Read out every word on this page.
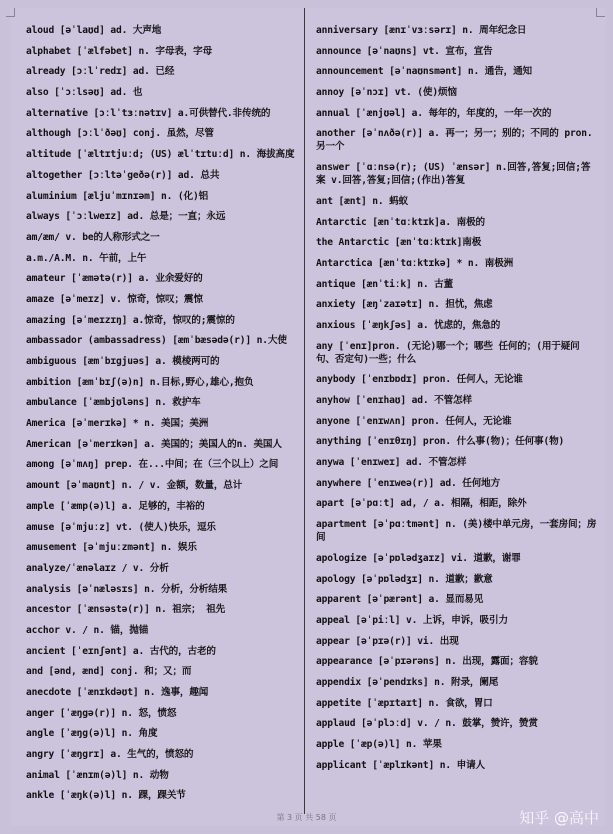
aloud [əˈlaʊd] ad. 大声地
alphabet [ˈælfəbet] n. 字母表，字母
already [ɔːlˈredɪ] ad. 已经
also [ˈɔːlsəʊ] ad. 也
alternative [ɔːlˈtɜːnətɪv] a.可供替代.非传统的
although [ɔːlˈðəʊ] conj. 虽然，尽管
altitude [ˈæltɪtjuːd; (US) ælˈtɪtuːd] n. 海拔高度
altogether [ɔːltəˈgeðə(r)] ad. 总共
aluminium [æljuˈmɪnɪəm] n. (化)铝
always [ˈɔːlweɪz] ad. 总是；一直；永远
am/æm/ v. be的人称形式之一
a.m./A.M. n. 午前，上午
amateur [ˈæmətə(r)] a. 业余爱好的
amaze [əˈmeɪz] v. 惊奇，惊叹；震惊
amazing [əˈmeɪzɪŋ] a.惊奇，惊叹的;震惊的
ambassador (ambassadress) [æmˈbæsədə(r)] n.大使
ambiguous [æmˈbɪgjuəs] a. 模棱两可的
ambition [æmˈbɪʃ(ə)n] n.目标,野心,雄心,抱负
ambulance [ˈæmbjʊləns] n. 救护车
America [əˈmerɪkə] * n. 美国；美洲
American [əˈmerɪkən] a. 美国的；美国人的n. 美国人
among [əˈmʌŋ] prep. 在...中间；在（三个以上）之间
amount [əˈmaʊnt] n. / v. 金额，数量，总计
ample [ˈæmp(ə)l] a. 足够的，丰裕的
amuse [əˈmjuːz] vt. (使人)快乐，逗乐
amusement [əˈmjuːzmənt] n. 娱乐
analyze/ˈænəlaɪz / v. 分析
analysis [əˈnæləsɪs] n. 分析，分析结果
ancestor [ˈænsəstə(r)] n. 祖宗； 祖先
acchor v. / n. 锚，抛锚
ancient [ˈeɪnʃənt] a. 古代的，古老的
and [ənd, ænd] conj. 和；又；而
anecdote [ˈænɪkdəʊt] n. 逸事，趣闻
anger [ˈæŋgə(r)] n. 怒，愤怒
angle [ˈæŋg(ə)l] n. 角度
angry [ˈæŋgrɪ] a. 生气的，愤怒的
animal [ˈænɪm(ə)l] n. 动物
ankle [ˈæŋk(ə)l] n. 踝，踝关节
anniversary [ænɪˈvɜːsərɪ] n. 周年纪念日
announce [əˈnaʊns] vt. 宣布，宣告
announcement [əˈnaʊnsmənt] n. 通告，通知
annoy [əˈnɔɪ] vt. (使)烦恼
annual [ˈænjʊəl] a. 每年的，年度的，一年一次的
another [əˈnʌðə(r)] a. 再一；另一；别的；不同的 pron. 另一个
answer [ˈɑːnsə(r); (US) ˈænsər] n.回答,答复;回信;答案 v.回答,答复;回信;(作出)答复
ant [ænt] n. 蚂蚁
Antarctic [ænˈtɑːktɪk]a. 南极的
the Antarctic [ænˈtɑːktɪk]南极
Antarctica [ænˈtɑːktɪkə] * n. 南极洲
antique [ænˈtiːk] n. 古董
anxiety [æŋˈzaɪətɪ] n. 担忧，焦虑
anxious [ˈæŋkʃəs] a. 忧虑的，焦急的
any [ˈenɪ]pron. (无论)哪一个；哪些 任何的；(用于疑问句、否定句)一些；什么
anybody [ˈenɪbɒdɪ] pron. 任何人，无论谁
anyhow [ˈenɪhaʊ] ad. 不管怎样
anyone [ˈenɪwʌn] pron. 任何人，无论谁
anything [ˈenɪθɪŋ] pron. 什么事(物)；任何事(物)
anywa [ˈenɪweɪ] ad. 不管怎样
anywhere [ˈenɪweə(r)] ad. 任何地方
apart [əˈpɑːt] ad, / a. 相隔，相距，除外
apartment [əˈpɑːtmənt] n. (美)楼中单元房，一套房间；房间
apologize [əˈpɒlədʒaɪz] vi. 道歉，谢罪
apology [əˈpɒlədʒɪ] n. 道歉；歉意
apparent [əˈpærənt] a. 显而易见
appeal [əˈpiːl] v. 上诉，申诉，吸引力
appear [əˈpɪə(r)] vi. 出现
appearance [əˈpɪərəns] n. 出现，露面；容貌
appendix [əˈpendɪks] n. 附录，阑尾
appetite [ˈæpɪtaɪt] n. 食欲，胃口
applaud [əˈplɔːd] v. / n. 鼓掌，赞许，赞赏
apple [ˈæp(ə)l] n. 苹果
applicant [ˈæplɪkənt] n. 申请人
第 3 页 共 58 页	知乎 @高中
